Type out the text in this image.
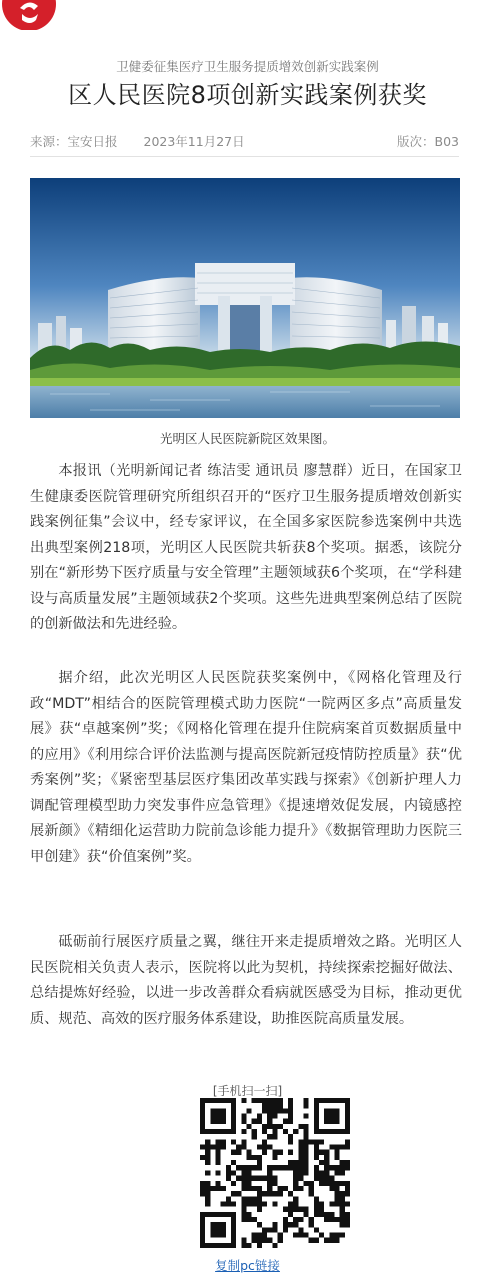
卫健委征集医疗卫生服务提质增效创新实践案例
区人民医院8项创新实践案例获奖
来源：宝安日报 2023年11月27日	版次：B03
光明区人民医院新院区效果图。

本报讯（光明新闻记者 练洁雯 通讯员 廖慧群）近日，在国家卫生健康委医院管理研究所组织召开的“医疗卫生服务提质增效创新实践案例征集”会议中，经专家评议，在全国多家医院参选案例中共选出典型案例218项，光明区人民医院共斩获8个奖项。据悉，该院分别在“新形势下医疗质量与安全管理”主题领域获6个奖项，在“学科建设与高质量发展”主题领域获2个奖项。这些先进典型案例总结了医院的创新做法和先进经验。

据介绍，此次光明区人民医院获奖案例中，《网格化管理及行政“MDT”相结合的医院管理模式助力医院“一院两区多点”高质量发展》获“卓越案例”奖；《网格化管理在提升住院病案首页数据质量中的应用》《利用综合评价法监测与提高医院新冠疫情防控质量》获“优秀案例”奖；《紧密型基层医疗集团改革实践与探索》《创新护理人力调配管理模型助力突发事件应急管理》《提速增效促发展，内镜感控展新颜》《精细化运营助力院前急诊能力提升》《数据管理助力医院三甲创建》获“价值案例”奖。

砥砺前行展医疗质量之翼，继往开来走提质增效之路。光明区人民医院相关负责人表示，医院将以此为契机，持续探索挖掘好做法、总结提炼好经验，以进一步改善群众看病就医感受为目标，推动更优质、规范、高效的医疗服务体系建设，助推医院高质量发展。

[手机扫一扫]
复制pc链接
